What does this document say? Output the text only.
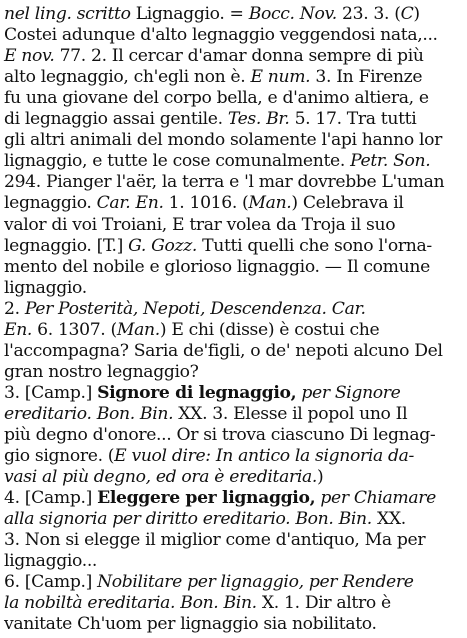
nel ling. scritto Lignaggio. = Bocc. Nov. 23. 3. (C)
Costei adunque d'alto legnaggio veggendosi nata,...
E nov. 77. 2. Il cercar d'amar donna sempre di più
alto legnaggio, ch'egli non è. E num. 3. In Firenze
fu una giovane del corpo bella, e d'animo altiera, e
di legnaggio assai gentile. Tes. Br. 5. 17. Tra tutti
gli altri animali del mondo solamente l'api hanno lor
lignaggio, e tutte le cose comunalmente. Petr. Son.
294. Pianger l'aër, la terra e 'l mar dovrebbe L'uman
legnaggio. Car. En. 1. 1016. (Man.) Celebrava il
valor di voi Troiani, E trar volea da Troja il suo
legnaggio. [T.] G. Gozz. Tutti quelli che sono l'orna-
mento del nobile e glorioso lignaggio. — Il comune
lignaggio.
2. Per Posterità, Nepoti, Descendenza. Car.
En. 6. 1307. (Man.) E chi (disse) è costui che
l'accompagna? Saria de'figli, o de' nepoti alcuno Del
gran nostro legnaggio?
3. [Camp.] Signore di legnaggio, per Signore
ereditario. Bon. Bin. XX. 3. Elesse il popol uno Il
più degno d'onore... Or si trova ciascuno Di legnag-
gio signore. (E vuol dire: In antico la signoria da-
vasi al più degno, ed ora è ereditaria.)
4. [Camp.] Eleggere per lignaggio, per Chiamare
alla signoria per diritto ereditario. Bon. Bin. XX.
3. Non si elegge il miglior come d'antiquo, Ma per
lignaggio...
6. [Camp.] Nobilitare per lignaggio, per Rendere
la nobiltà ereditaria. Bon. Bin. X. 1. Dir altro è
vanitate Ch'uom per lignaggio sia nobilitato.
